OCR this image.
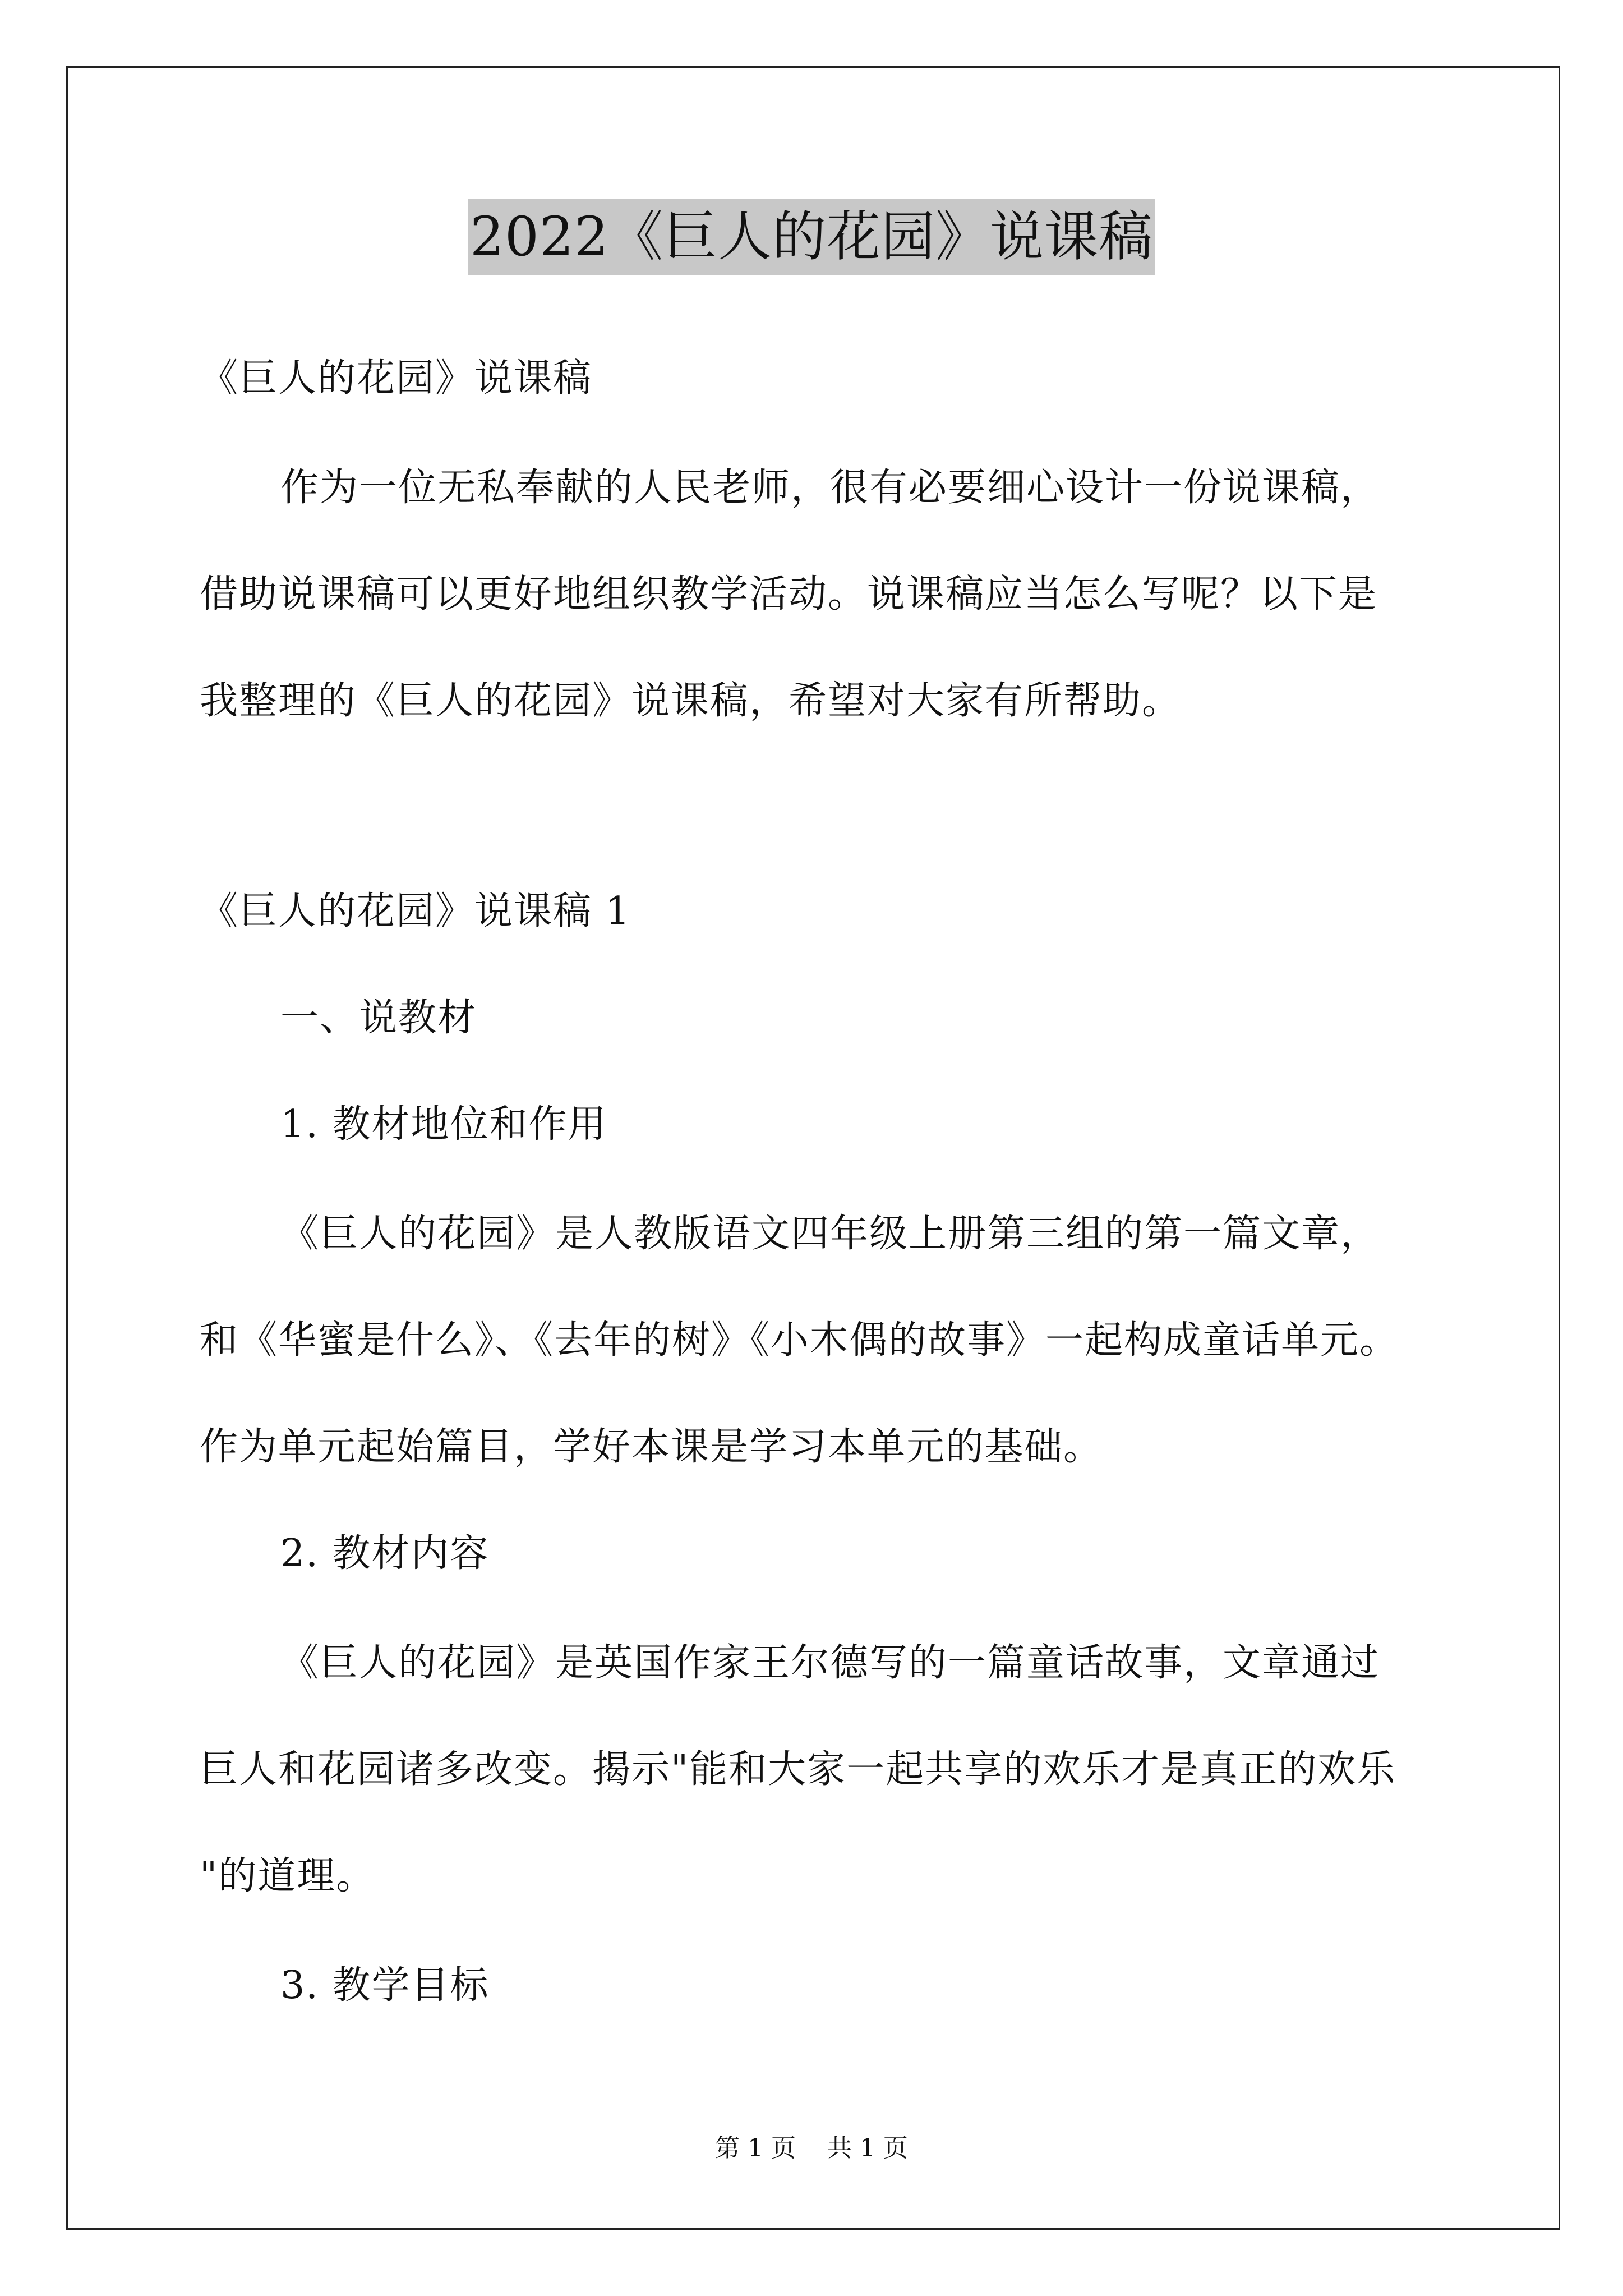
2022《巨人的花园》说课稿
《巨人的花园》说课稿
作为一位无私奉献的人民老师，很有必要细心设计一份说课稿，
借助说课稿可以更好地组织教学活动。说课稿应当怎么写呢？以下是
我整理的《巨人的花园》说课稿，希望对大家有所帮助。
《巨人的花园》说课稿 1
一、说教材
1. 教材地位和作用
《巨人的花园》是人教版语文四年级上册第三组的第一篇文章，
和《华蜜是什么》、《去年的树》《小木偶的故事》一起构成童话单元。
作为单元起始篇目，学好本课是学习本单元的基础。
2. 教材内容
《巨人的花园》是英国作家王尔德写的一篇童话故事，文章通过
巨人和花园诸多改变。揭示"能和大家一起共享的欢乐才是真正的欢乐
"的道理。
3. 教学目标
第 1 页    共 1 页
